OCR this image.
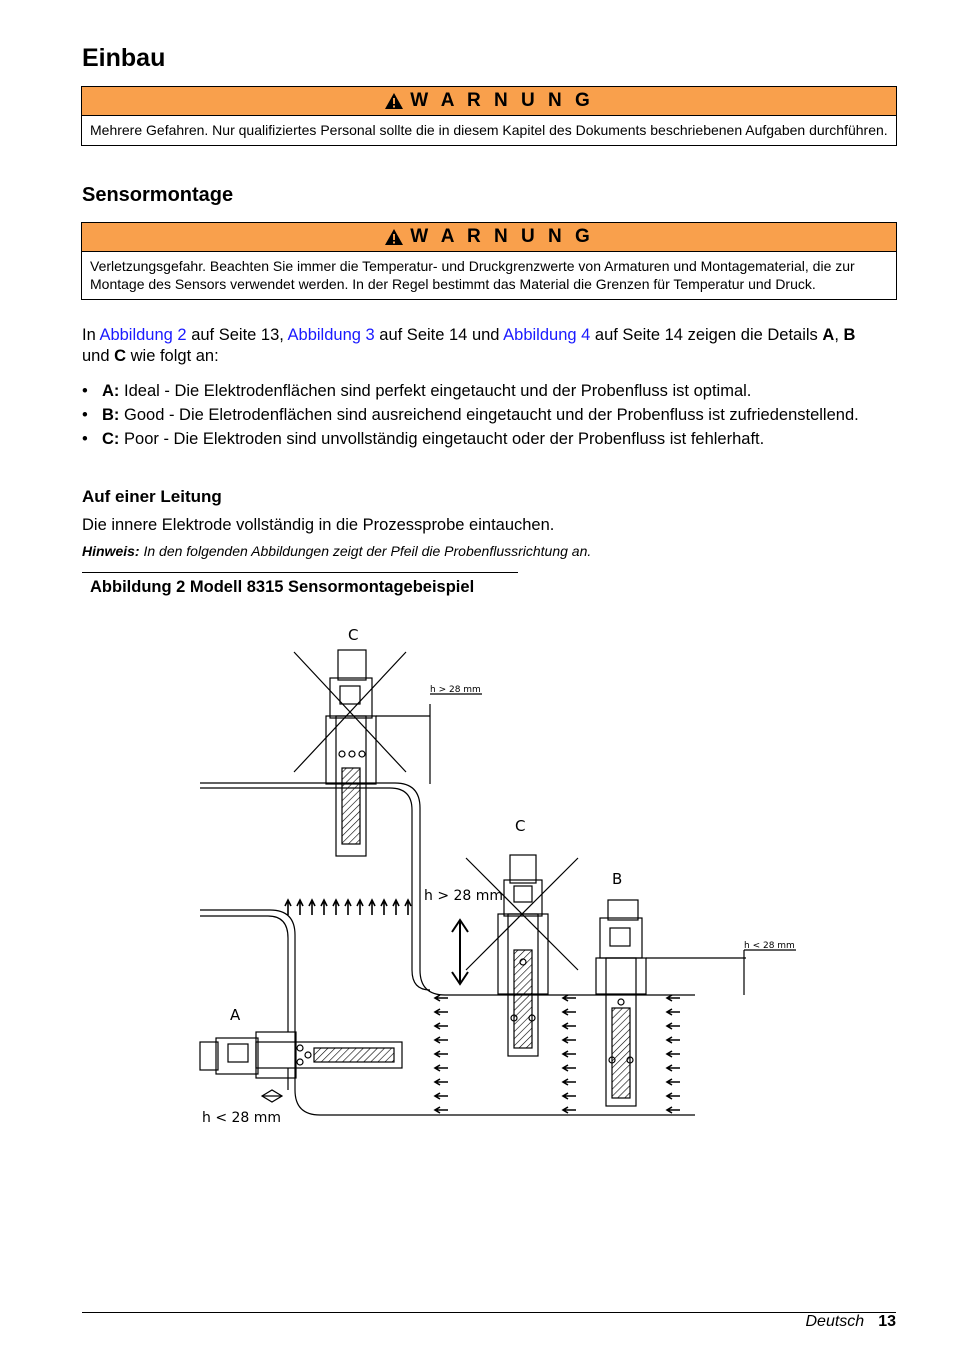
Einbau
W A R N U N G
Mehrere Gefahren. Nur qualifiziertes Personal sollte die in diesem Kapitel des Dokuments beschriebenen Aufgaben durchführen.
Sensormontage
W A R N U N G
Verletzungsgefahr. Beachten Sie immer die Temperatur- und Druckgrenzwerte von Armaturen und Montagematerial, die zur Montage des Sensors verwendet werden. In der Regel bestimmt das Material die Grenzen für Temperatur und Druck.
In Abbildung 2 auf Seite 13, Abbildung 3 auf Seite 14 und Abbildung 4 auf Seite 14 zeigen die Details A, B und C wie folgt an:
• A: Ideal - Die Elektrodenflächen sind perfekt eingetaucht und der Probenfluss ist optimal.
• B: Good - Die Eletrodenflächen sind ausreichend eingetaucht und der Probenfluss ist zufriedenstellend.
• C: Poor - Die Elektroden sind unvollständig eingetaucht oder der Probenfluss ist fehlerhaft.
Auf einer Leitung
Die innere Elektrode vollständig in die Prozessprobe eintauchen.
Hinweis: In den folgenden Abbildungen zeigt der Pfeil die Probenflussrichtung an.
Abbildung 2 Modell 8315 Sensormontagebeispiel
C
h > 28 mm
C
h > 28 mm
B
h < 28 mm
A
h < 28 mm
Deutsch 13
